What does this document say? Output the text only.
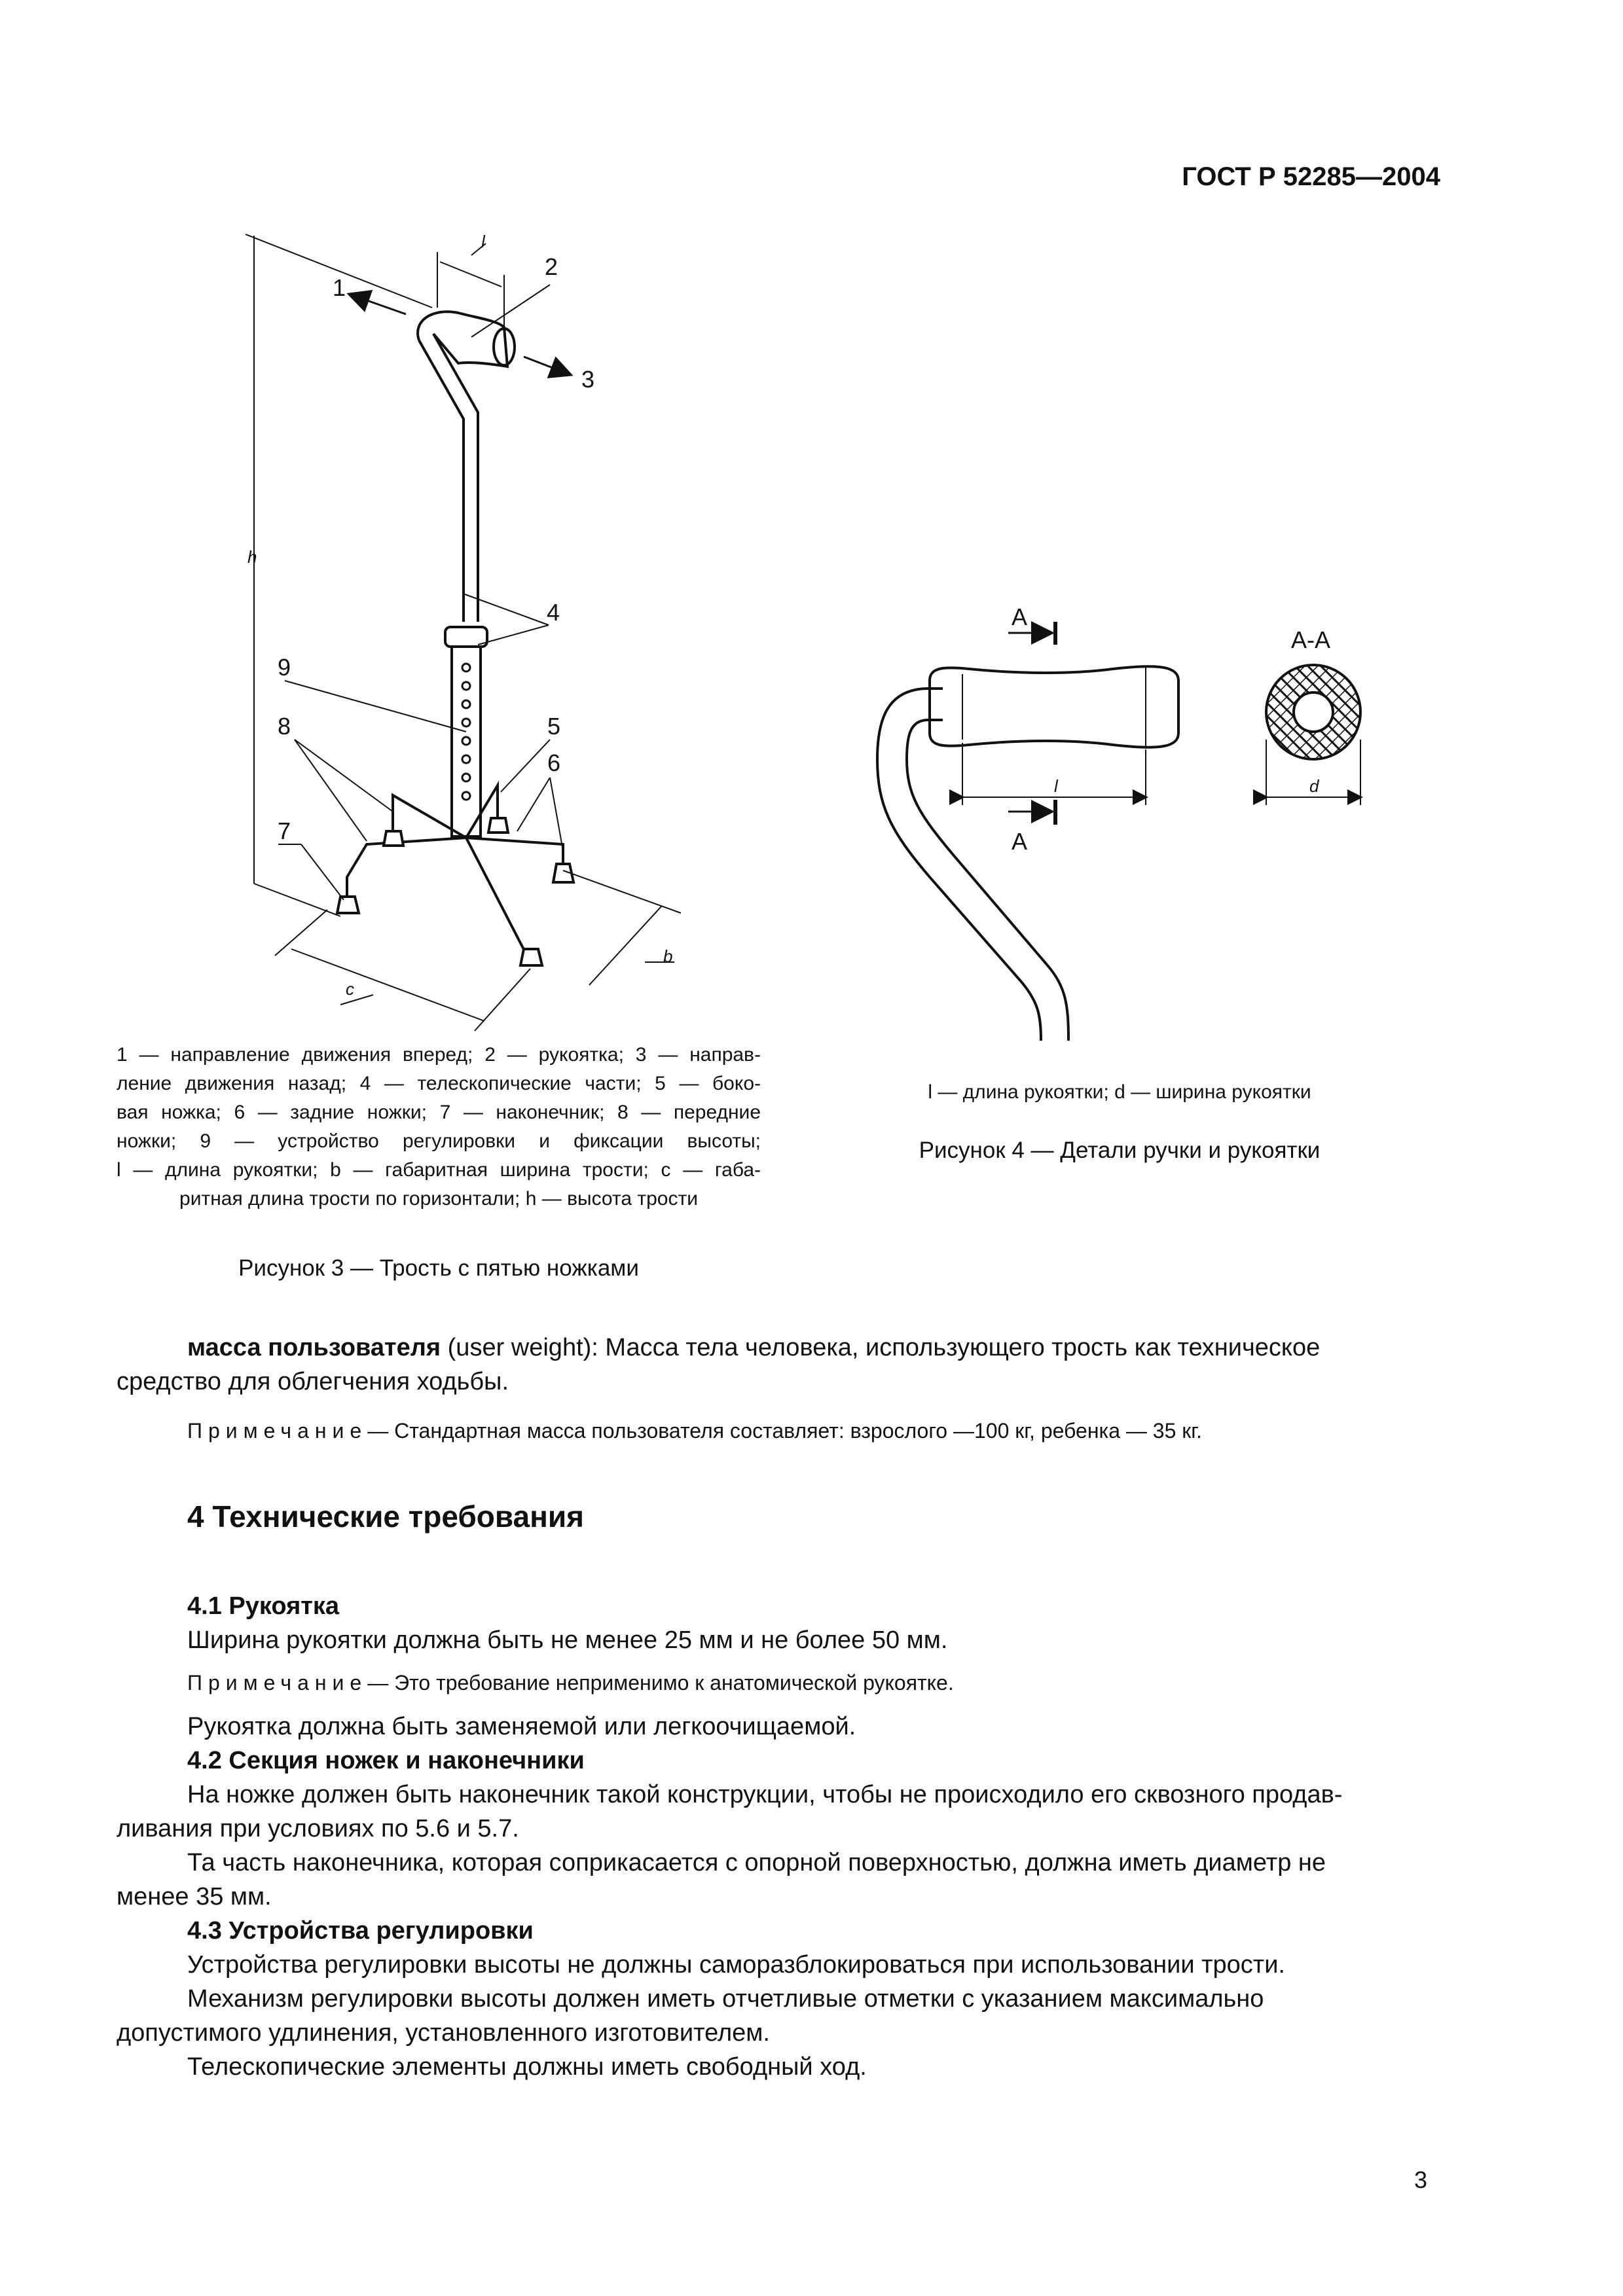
ГОСТ Р 52285—2004
1
2
3
4
5
6
7
8
9
l
h
b
c
A
A
A-A
l	d
1 — направление движения вперед; 2 — рукоятка; 3 — направ-
ление движения назад; 4 — телескопические части; 5 — боко-
вая ножка; 6 — задние ножки; 7 — наконечник; 8 — передние
ножки; 9 — устройство регулировки и фиксации высоты;
l — длина рукоятки; b — габаритная ширина трости; c — габа-
ритная длина трости по горизонтали; h — высота трости
Рисунок 3 — Трость с пятью ножками
l — длина рукоятки; d — ширина рукоятки
Рисунок 4 — Детали ручки и рукоятки
масса пользователя (user weight): Масса тела человека, использующего трость как техническое
средство для облегчения ходьбы.
Примечание— Стандартная масса пользователя составляет: взрослого —100 кг, ребенка — 35 кг.
4 Технические требования
4.1 Рукоятка
Ширина рукоятки должна быть не менее 25 мм и не более 50 мм.
Примечание— Это требование неприменимо к анатомической рукоятке.
Рукоятка должна быть заменяемой или легкоочищаемой.
4.2 Секция ножек и наконечники
На ножке должен быть наконечник такой конструкции, чтобы не происходило его сквозного продав-
ливания при условиях по 5.6 и 5.7.
Та часть наконечника, которая соприкасается с опорной поверхностью, должна иметь диаметр не
менее 35 мм.
4.3 Устройства регулировки
Устройства регулировки высоты не должны саморазблокироваться при использовании трости.
Механизм регулировки высоты должен иметь отчетливые отметки с указанием максимально
допустимого удлинения, установленного изготовителем.
Телескопические элементы должны иметь свободный ход.
3
